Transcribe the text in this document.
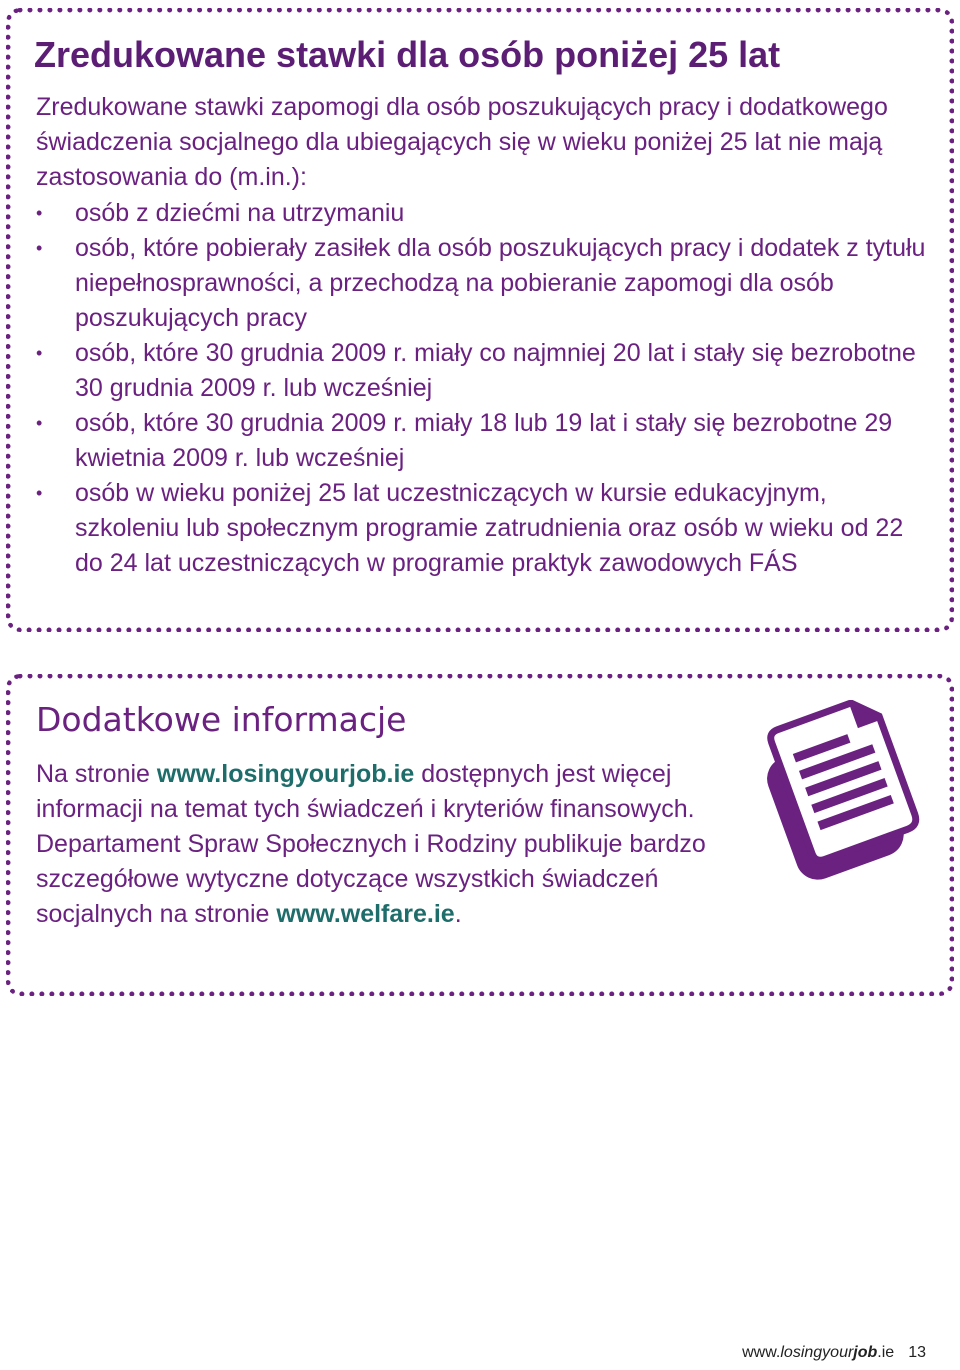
Zredukowane stawki dla osób poniżej 25 lat

Zredukowane stawki zapomogi dla osób poszukujących pracy i dodatkowego świadczenia socjalnego dla ubiegających się w wieku poniżej 25 lat nie mają zastosowania do (m.in.):

•	osób z dziećmi na utrzymaniu
•	osób, które pobierały zasiłek dla osób poszukujących pracy i dodatek z tytułu niepełnosprawności, a przechodzą na pobieranie zapomogi dla osób poszukujących pracy
•	osób, które 30 grudnia 2009 r. miały co najmniej 20 lat i stały się bezrobotne 30 grudnia 2009 r. lub wcześniej
•	osób, które 30 grudnia 2009 r. miały 18 lub 19 lat i stały się bezrobotne 29 kwietnia 2009 r. lub wcześniej
•	osób w wieku poniżej 25 lat uczestniczących w kursie edukacyjnym, szkoleniu lub społecznym programie zatrudnienia oraz osób w wieku od 22 do 24 lat uczestniczących w programie praktyk zawodowych FÁS
Dodatkowe informacje

Na stronie www.losingyourjob.ie dostępnych jest więcej informacji na temat tych świadczeń i kryteriów finansowych. Departament Spraw Społecznych i Rodziny publikuje bardzo szczegółowe wytyczne dotyczące wszystkich świadczeń socjalnych na stronie www.welfare.ie.

www.losingyourjob.ie 13
